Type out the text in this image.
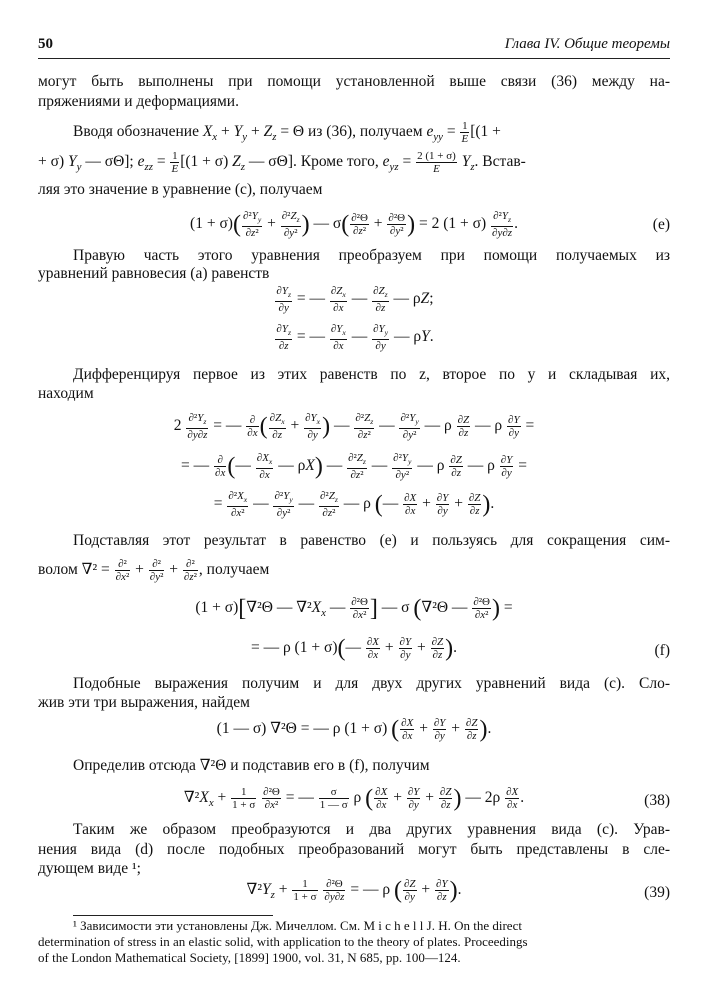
50	Глава IV. Общие теоремы
могут быть выполнены при помощи установленной выше связи (36) между на-
пряжениями и деформациями.
Вводя обозначение $X_x + Y_y + Z_z = \Theta$ из (36), получаем $e_{yy} = \frac{1}{E} [(1$ +
+ σ) $Y_y$ — σΘ]; $e_{zz} = \frac{1}{E} [(1 + \sigma)$ $Z_z$ — σΘ]. Кроме того, $e_{yz} = \frac{2 (1 + \sigma)}{E} Y_z$. Встав-
ляя это значение в уравнение (с), получаем
$(1 + \sigma)( \frac{\partial^2Y_y}{\text{∂z²}} + \frac{\partial^2Z_z}{\text{∂y²}}$ ) — $\sigma( \frac{\text{∂²Θ}}{\text{∂z²}} + \frac{\text{∂²Θ}}{\text{∂y²}}$ ) = 2 $(1 + \sigma) \frac{\partial^2Y_z}{\partial y\partial z}$ .	(e)
Правую часть этого уравнения преобразуем при помощи получаемых из
уравнений равновесия (а) равенств
$\frac{\partial Y_z}{\partial y}$ = — $\frac{\partial Z_x}{\partial x}$ — $\frac{\partial Z_z}{\partial z}$ — ρZ;
$\frac{\partial Y_z}{\partial z}$ = — $\frac{\partial Y_x}{\partial x}$ — $\frac{\partial Y_y}{\partial y}$ — ρY.
Дифференцируя первое из этих равенств по z, второе по y и складывая их,
находим
$2 \frac{\partial^2Y_z}{\partial y\partial z}$ = — ∂
∂x ( $\frac{\partial Z_x}{\partial z} + \frac{\partial Y_x}{\partial y}$ ) — $\frac{\partial^2Z_z}{\text{∂z²}}$ — $\frac{\partial^2Y_y}{\text{∂y²}}$ — ρ $\frac{\partial Z}{\partial z}$ — ρ $\frac{\partial Y}{\partial y}$ =
= — ∂
∂x (— $\frac{\partial X_x}{\partial x}$ — ρX) — $\frac{\partial^2Z_z}{\text{∂z²}}$ — $\frac{\partial^2Y_y}{\text{∂y²}}$ — ρ $\frac{\partial Z}{\partial z}$ — ρ $\frac{\partial Y}{\partial y}$ =
= $\frac{\partial^2X_x}{\text{∂x²}}$ — $\frac{\partial^2Y_y}{\text{∂y²}}$ — $\frac{\partial^2Z_z}{\text{∂z²}}$ — ρ (— $\frac{\partial X}{\partial x} + \frac{\partial Y}{\partial y} + \frac{\partial Z}{\partial z}$ ).
Подставляя этот результат в равенство (е) и пользуясь для сокращения сим-
волом ∇² = ∂²
∂x² + ∂²
∂y² + ∂²
∂z² , получаем
(1 + σ)[∇²Θ — $\nabla^2X_x$ — $\frac{\text{∂²Θ}}{\text{∂x²}}$ ] — σ (∇²Θ — $\frac{\text{∂²Θ}}{\text{∂x²}}$ ) =
= — ρ (1 + σ)(— $\frac{\partial X}{\partial x} + \frac{\partial Y}{\partial y} + \frac{\partial Z}{\partial z}$ ).	(f)
Подобные выражения получим и для двух других уравнений вида (с). Сло-
жив эти три выражения, найдем
(1 — σ) ∇²Θ = — ρ (1 + σ) ( $\frac{\partial X}{\partial x} + \frac{\partial Y}{\partial y} + \frac{\partial Z}{\partial z}$ ).
Определив отсюда ∇²Θ и подставив его в (f), получим
$\nabla^2X_x + \frac{1}{1 + \sigma}$
$\frac{\text{∂²Θ}}{\text{∂x²}}$ = — $\frac{\sigma}{1 — \sigma}$ ρ ( $\frac{\partial X}{\partial x} + \frac{\partial Y}{\partial y} + \frac{\partial Z}{\partial z}$ ) — $2\rho \frac{\partial X}{\partial x}$ .	(38)
Таким же образом преобразуются и два других уравнения вида (с). Урав-
нения вида (d) после подобных преобразований могут быть представлены в сле-
дующем виде ¹;
$\nabla^2Y_z + \frac{1}{1 + \sigma}$
$\frac{\text{∂²Θ}}{\partial y\partial z}$ = — ρ ( $\frac{\partial Z}{\partial y} + \frac{\partial Y}{\partial z}$ ).	(39)
¹ Зависимости эти установлены Дж. Мичеллом. См. M i c h e l l J. H. On the direct
determination of stress in an elastic solid, with application to the theory of plates. Proceedings
of the London Mathematical Society, [1899] 1900, vol. 31, N 685, pp. 100—124.
